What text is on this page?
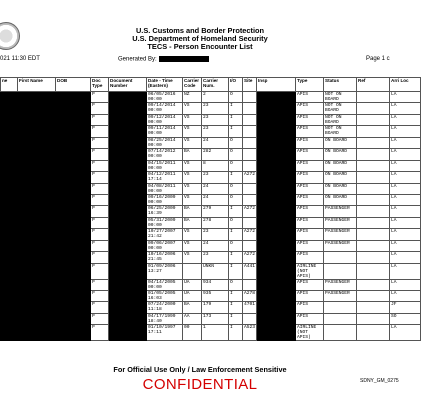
U.S. Customs and Border Protection
U.S. Department of Homeland Security
TECS - Person Encounter List
021 11:30 EDT	Generated By:	Page 1 c
ne	First Name	DOB	Doc Type	Document Number	Date - Time (Eastern)	Carrier Code	Carrier Num.	I/O	Site	Insp	Type	Status	Ref	Arri Loc
			P		06/05/2016 00:00	NZ	2	O			APIS	NOT ON BOARD		LA
			P		09/14/2014 00:00	VS	23	I			APIS	NOT ON BOARD		LA
			P		09/12/2014 00:00	VS	23	I			APIS	NOT ON BOARD		LA
			P		09/11/2014 00:00	VS	23	I			APIS	NOT ON BOARD		LA
			P		08/25/2014 00:00	VS	24	O			APIS	ON BOARD		LA
			P		07/14/2012 00:00	BA	282	O			APIS	ON BOARD		LA
			P		04/15/2011 00:00	VS	8	O			APIS	ON BOARD		LA
			P		04/12/2011 17:14	VS	23	I	A272		APIS	ON BOARD		LA
			P		04/08/2011 00:00	VS	24	O			APIS	ON BOARD		LA
			P		09/16/2009 00:00	VS	24	O			APIS	ON BOARD		LA
			P		06/25/2009 16:39	BA	279	I	A272		APIS	PASSENGER		LA
			P		05/31/2009 00:00	BA	278	O			APIS	PASSENGER		LA
			P		10/27/2007 21:42	VS	23	I	A272		APIS	PASSENGER		LA
			P		09/06/2007 00:00	VS	24	O			APIS	PASSENGER		LA
			P		10/16/2006 21:45	VS	23	I	A272		APIS			LA
			P		01/09/2006 13:27		UNKN	I	A441		AIRLINE (NOT APIS)			LA
			P		04/14/2005 00:00	UA	934	O			APIS	PASSENGER		LA
			P		01/05/2005 16:03	UA	935	I	A278		APIS	PASSENGER		LA
			P		07/24/2000 11:18	BA	179	I	4701		APIS			JF
			P		04/17/1999 18:40	AA	173	I			APIS			SO
			P		01/10/1997 17:11	00	1	I	A523		AIRLINE (NOT APIS)			LA
For Official Use Only / Law Enforcement Sensitive
CONFIDENTIAL	SDNY_GM_0275
